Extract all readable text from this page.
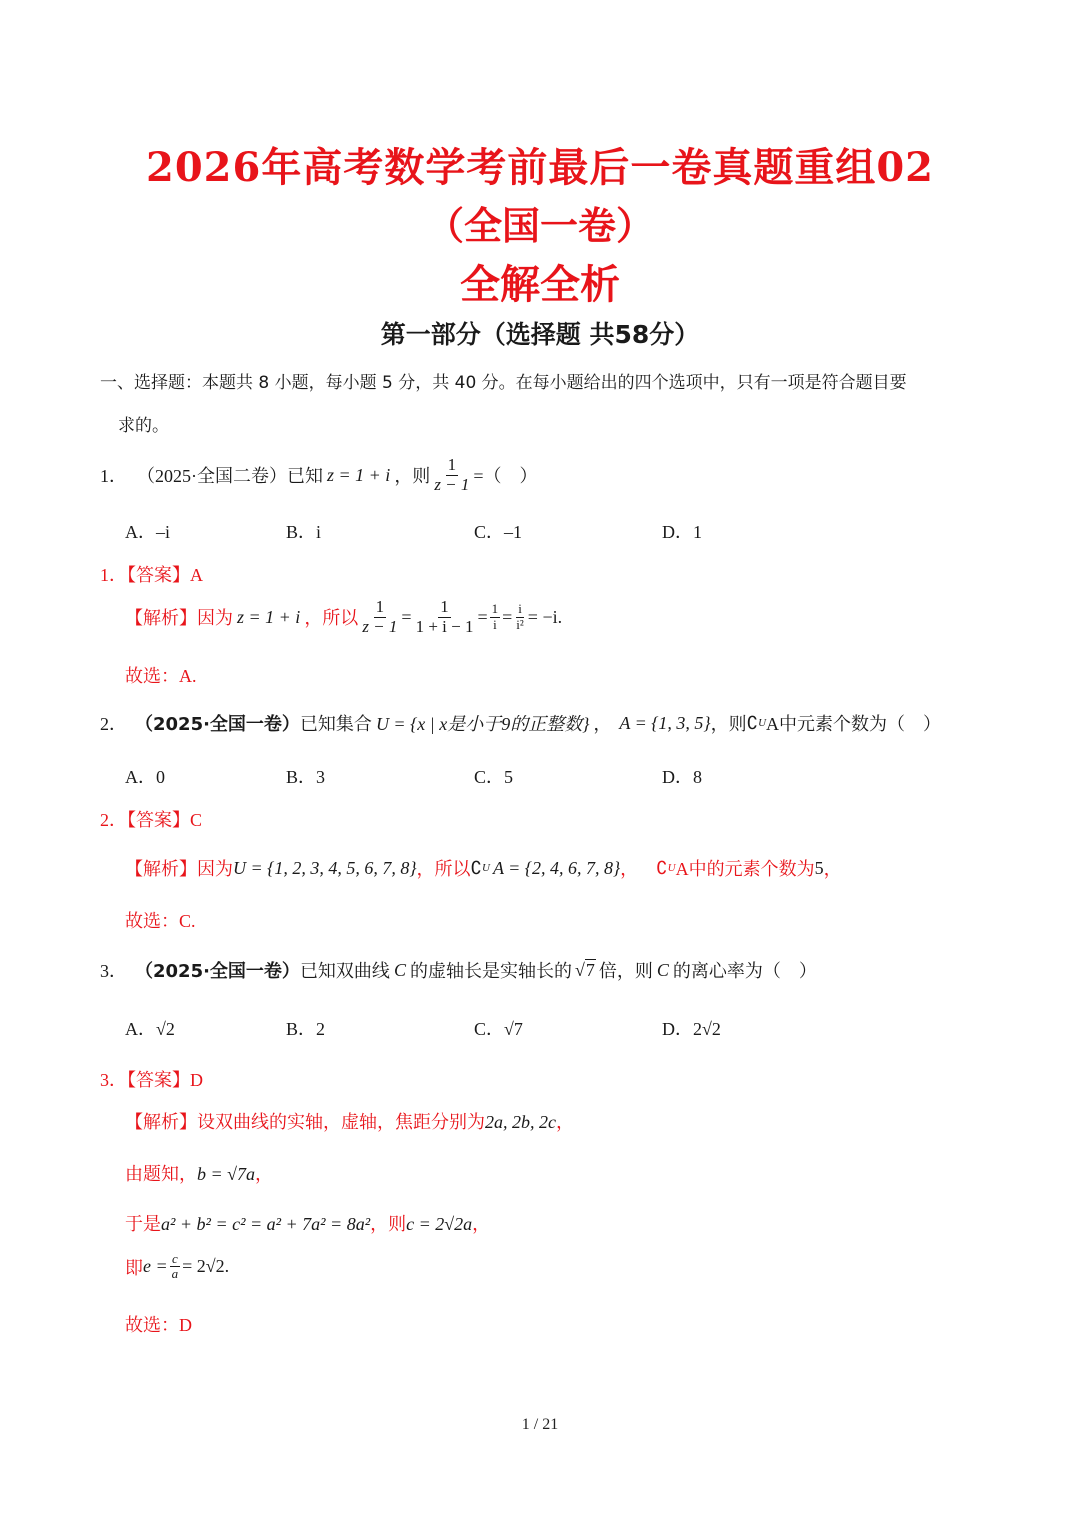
2026年高考数学考前最后一卷真题重组02
（全国一卷）
全解全析
第一部分（选择题 共58分）
一、选择题：本题共 8 小题，每小题 5 分，共 40 分。在每小题给出的四个选项中，只有一项是符合题目要
求的。
1． （2025·全国二卷） 已知 z = 1 + i ，则 $\frac{1}{z - 1}$ =（　）
A．–i	B．i	C．–1	D．1
1．【答案】A
【解析】因为 z = 1 + i ，所以 $\frac{1}{z - 1} = \frac{1}{1 + i - 1} = \frac{1}{i} = \frac{i}{\text{i²}} = -i$.
故选：A.
2． （2025·全国一卷） 已知集合 U = {x | x是小于9的正整数} ， A = {1, 3, 5} ，则 ∁ U A中元素个数为（　）
A．0	B．3	C．5	D．8
2．【答案】C
【解析】因为 U = {1, 2, 3, 4, 5, 6, 7, 8} ，所以 ∁ U A = {2, 4, 6, 7, 8} ， ∁ U A中的元素个数为 5 ，
故选：C.
3． （2025·全国一卷） 已知双曲线 C 的虚轴长是实轴长的 √7 倍，则 C 的离心率为（　）
A．√2	B．2	C．√7	D．2√2
3．【答案】D
【解析】设双曲线的实轴，虚轴，焦距分别为2a, 2b, 2c，
由题知，b = √7a，
于是a² + b² = c² = a² + 7a² = 8a²，则c = 2√2a，
即 $e = \frac{c}{a} = 2√2$.
故选：D
1 / 21
